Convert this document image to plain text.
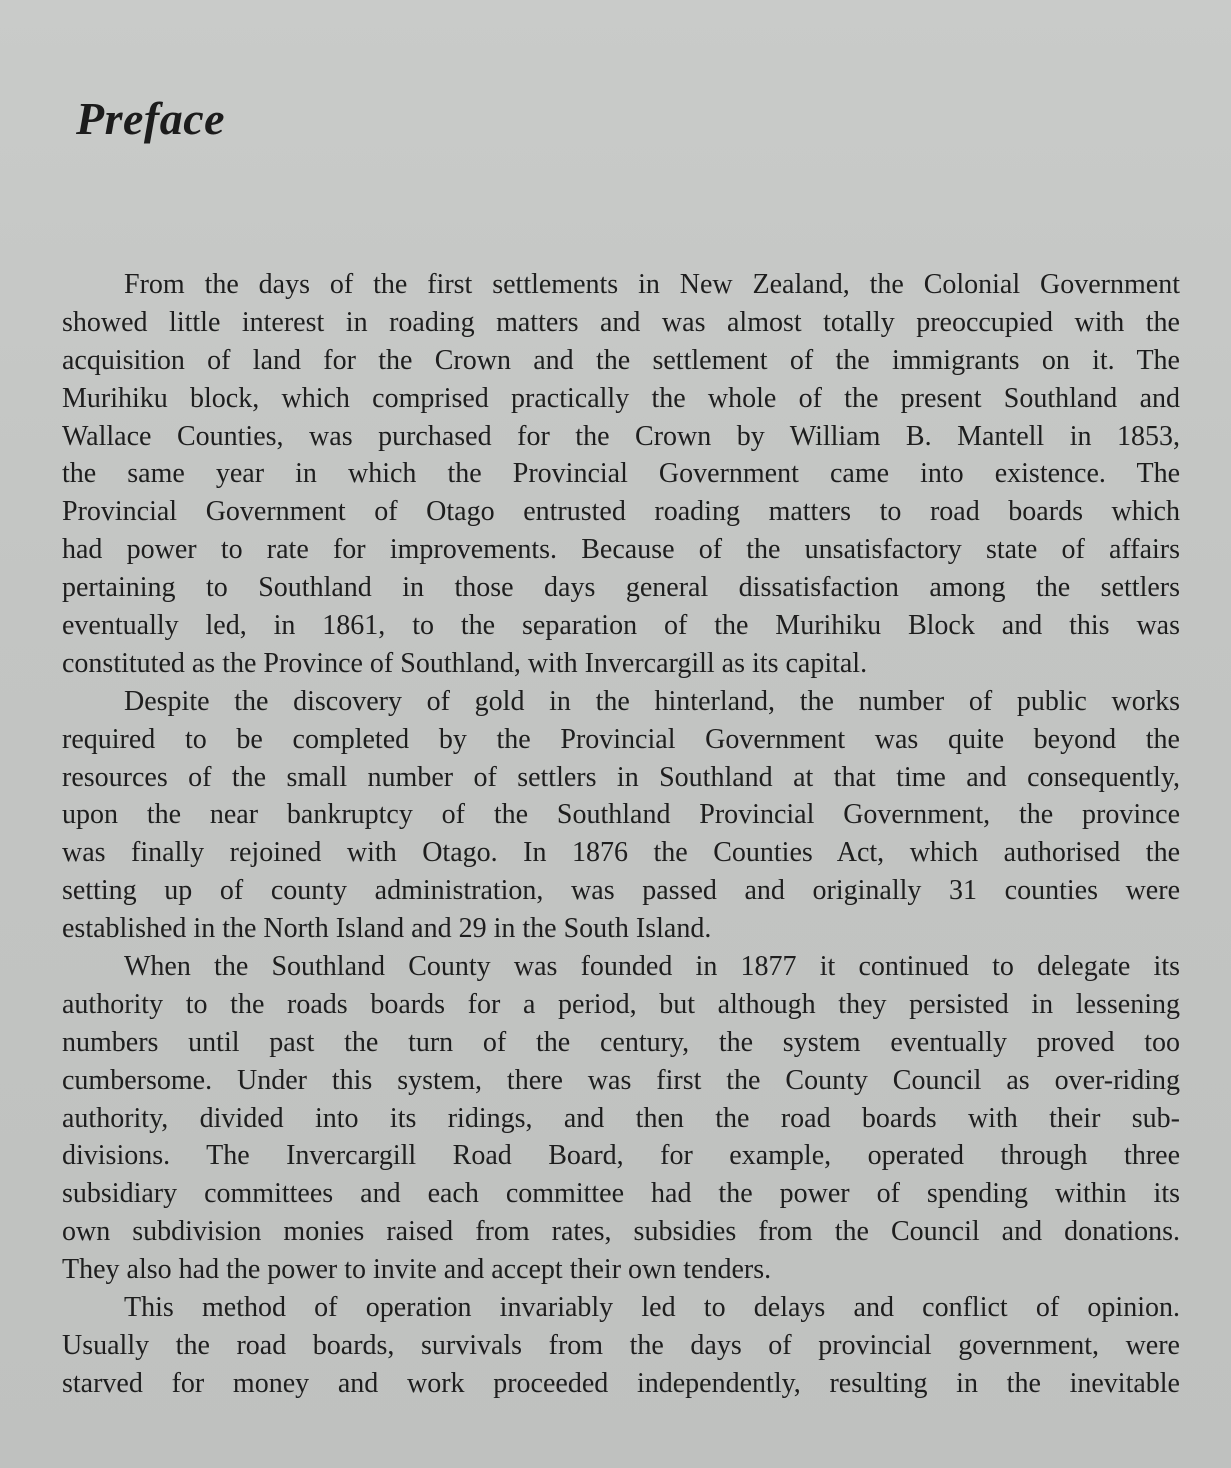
Preface

From the days of the first settlements in New Zealand, the Colonial Government
showed little interest in roading matters and was almost totally preoccupied with the
acquisition of land for the Crown and the settlement of the immigrants on it. The
Murihiku block, which comprised practically the whole of the present Southland and
Wallace Counties, was purchased for the Crown by William B. Mantell in 1853,
the same year in which the Provincial Government came into existence. The
Provincial Government of Otago entrusted roading matters to road boards which
had power to rate for improvements. Because of the unsatisfactory state of affairs
pertaining to Southland in those days general dissatisfaction among the settlers
eventually led, in 1861, to the separation of the Murihiku Block and this was
constituted as the Province of Southland, with Invercargill as its capital.

Despite the discovery of gold in the hinterland, the number of public works
required to be completed by the Provincial Government was quite beyond the
resources of the small number of settlers in Southland at that time and consequently,
upon the near bankruptcy of the Southland Provincial Government, the province
was finally rejoined with Otago. In 1876 the Counties Act, which authorised the
setting up of county administration, was passed and originally 31 counties were
established in the North Island and 29 in the South Island.

When the Southland County was founded in 1877 it continued to delegate its
authority to the roads boards for a period, but although they persisted in lessening
numbers until past the turn of the century, the system eventually proved too
cumbersome. Under this system, there was first the County Council as over-riding
authority, divided into its ridings, and then the road boards with their sub-
divisions. The Invercargill Road Board, for example, operated through three
subsidiary committees and each committee had the power of spending within its
own subdivision monies raised from rates, subsidies from the Council and donations.
They also had the power to invite and accept their own tenders.

This method of operation invariably led to delays and conflict of opinion.
Usually the road boards, survivals from the days of provincial government, were
starved for money and work proceeded independently, resulting in the inevitable
